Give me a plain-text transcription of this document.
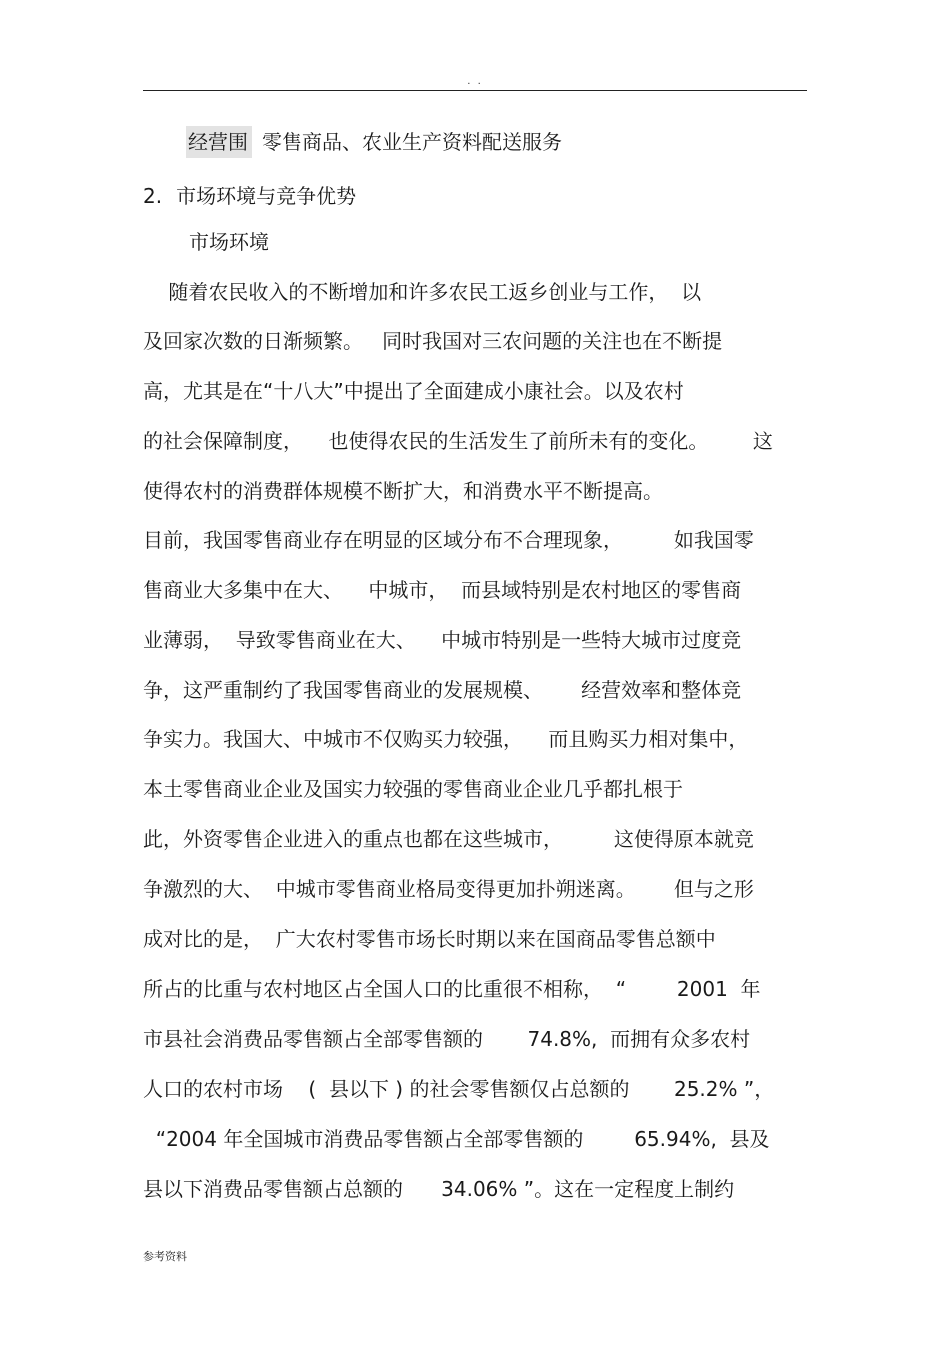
. .
经营围 零售商品、农业生产资料配送服务
2. 市场环境与竞争优势
市场环境
随着农民收入的不断增加和许多农民工返乡创业与工作，  以
及回家次数的日渐频繁。   同时我国对三农问题的关注也在不断提
高，尤其是在“十八大”中提出了全面建成小康社会。以及农村
的社会保障制度，    也使得农民的生活发生了前所未有的变化。       这
使得农村的消费群体规模不断扩大，和消费水平不断提高。
目前，我国零售商业存在明显的区域分布不合理现象，        如我国零
售商业大多集中在大、    中城市，  而县域特别是农村地区的零售商
业薄弱，  导致零售商业在大、    中城市特别是一些特大城市过度竞
争，这严重制约了我国零售商业的发展规模、      经营效率和整体竞
争实力。我国大、中城市不仅购买力较强，    而且购买力相对集中，
本土零售商业企业及国实力较强的零售商业企业几乎都扎根于
此，外资零售企业进入的重点也都在这些城市，        这使得原本就竞
争激烈的大、  中城市零售商业格局变得更加扑朔迷离。      但与之形
成对比的是，  广大农村零售市场长时期以来在国商品零售总额中
所占的比重与农村地区占全国人口的比重很不相称，  “        2001  年
市县社会消费品零售额占全部零售额的       74.8%,  而拥有众多农村
人口的农村市场    (  县以下 ) 的社会零售额仅占总额的       25.2% ”，
“2004 年全国城市消费品零售额占全部零售额的        65.94%,  县及
县以下消费品零售额占总额的      34.06% ”。这在一定程度上制约
参考资料
